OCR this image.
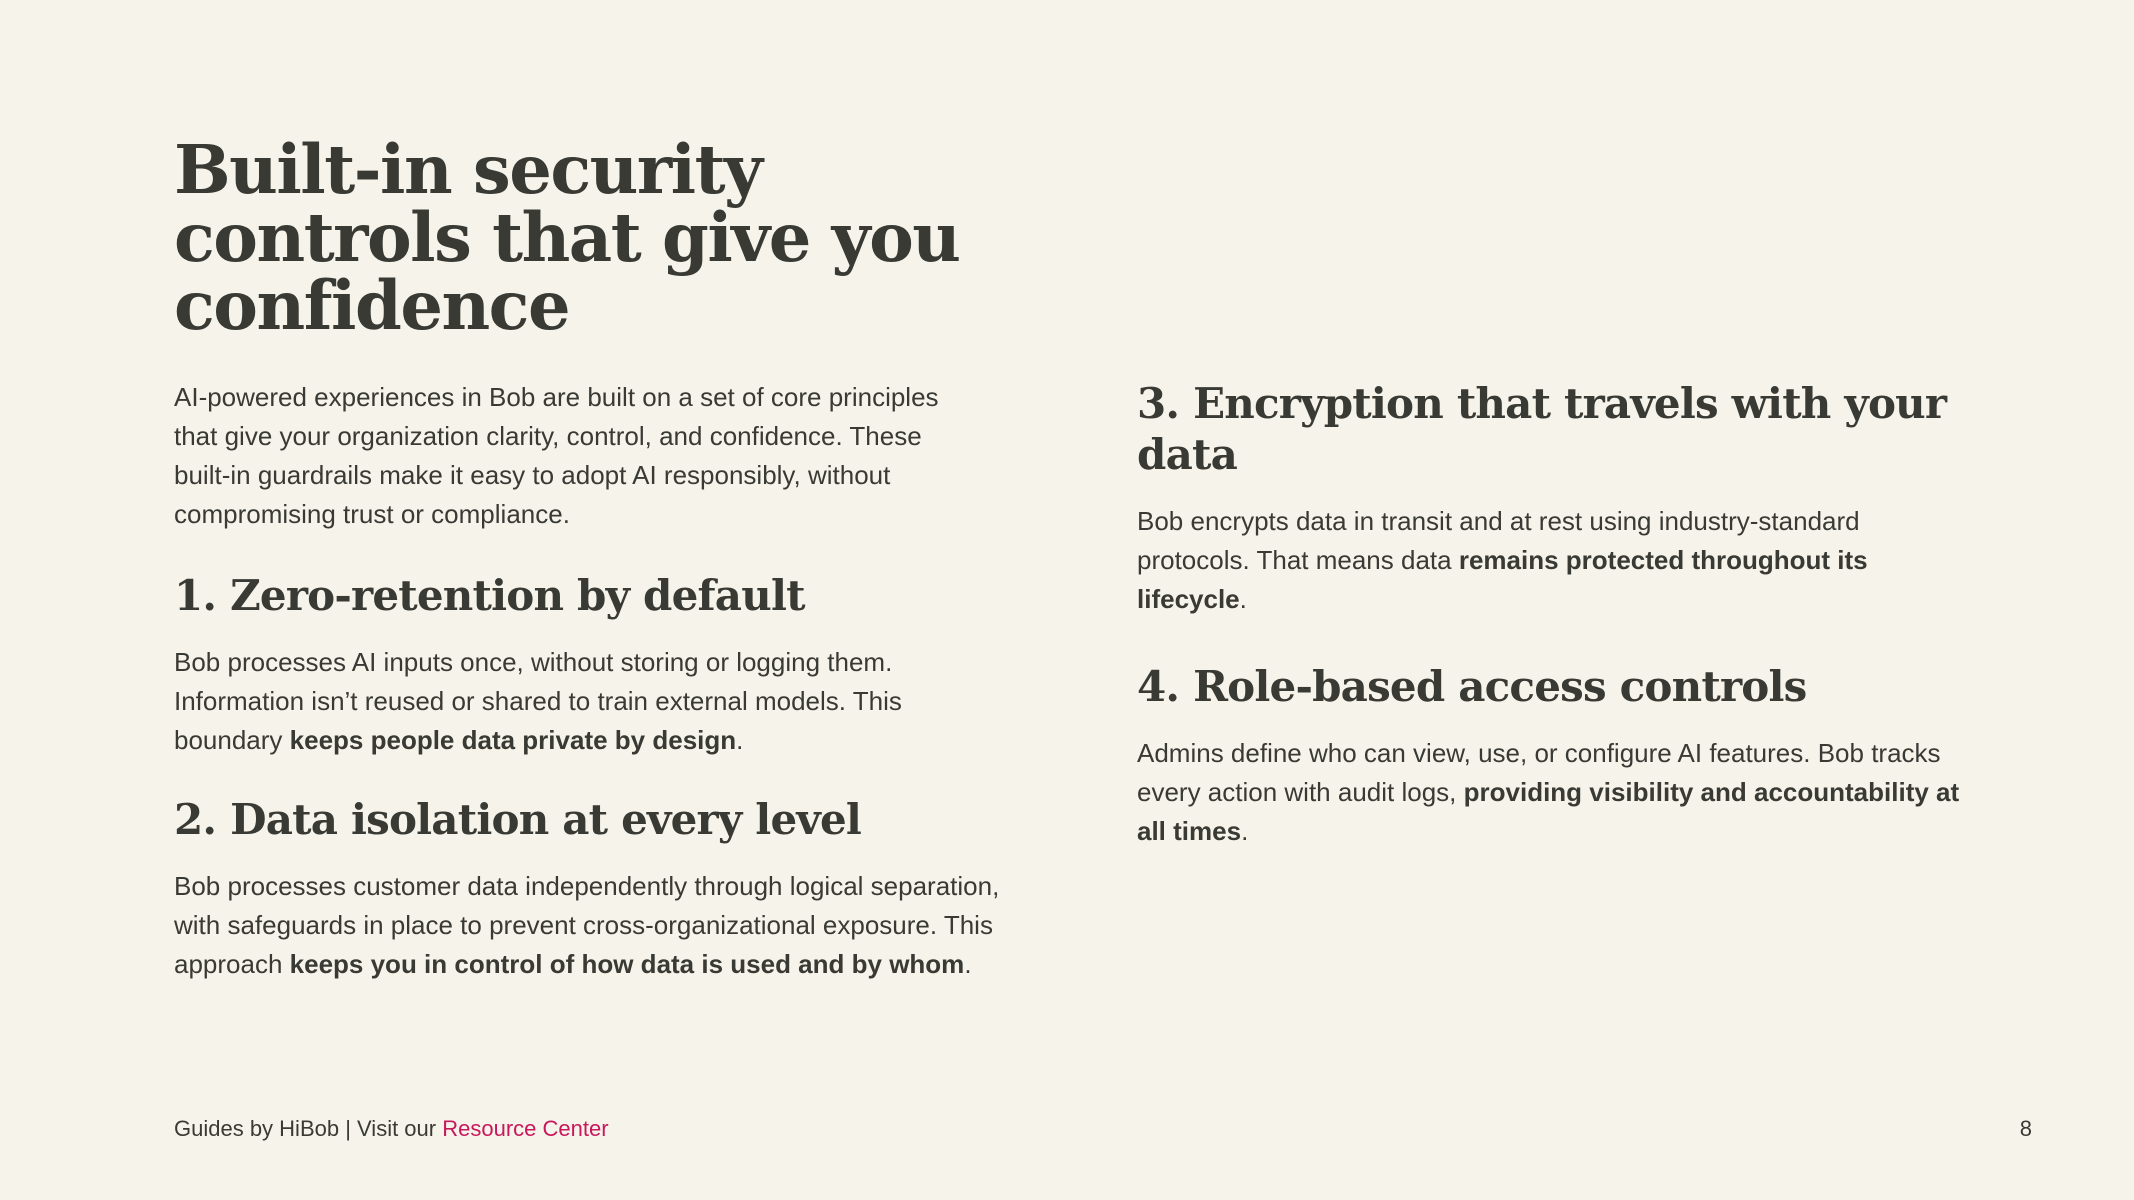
Built-in security controls that give you confidence

AI-powered experiences in Bob are built on a set of core principles that give your organization clarity, control, and confidence. These built-in guardrails make it easy to adopt AI responsibly, without compromising trust or compliance.

1. Zero-retention by default

Bob processes AI inputs once, without storing or logging them. Information isn’t reused or shared to train external models. This boundary keeps people data private by design.

2. Data isolation at every level

Bob processes customer data independently through logical separation, with safeguards in place to prevent cross-organizational exposure. This approach keeps you in control of how data is used and by whom.

3. Encryption that travels with your data

Bob encrypts data in transit and at rest using industry-standard protocols. That means data remains protected throughout its lifecycle.

4. Role-based access controls

Admins define who can view, use, or configure AI features. Bob tracks every action with audit logs, providing visibility and accountability at all times.

Guides by HiBob | Visit our Resource Center	8
